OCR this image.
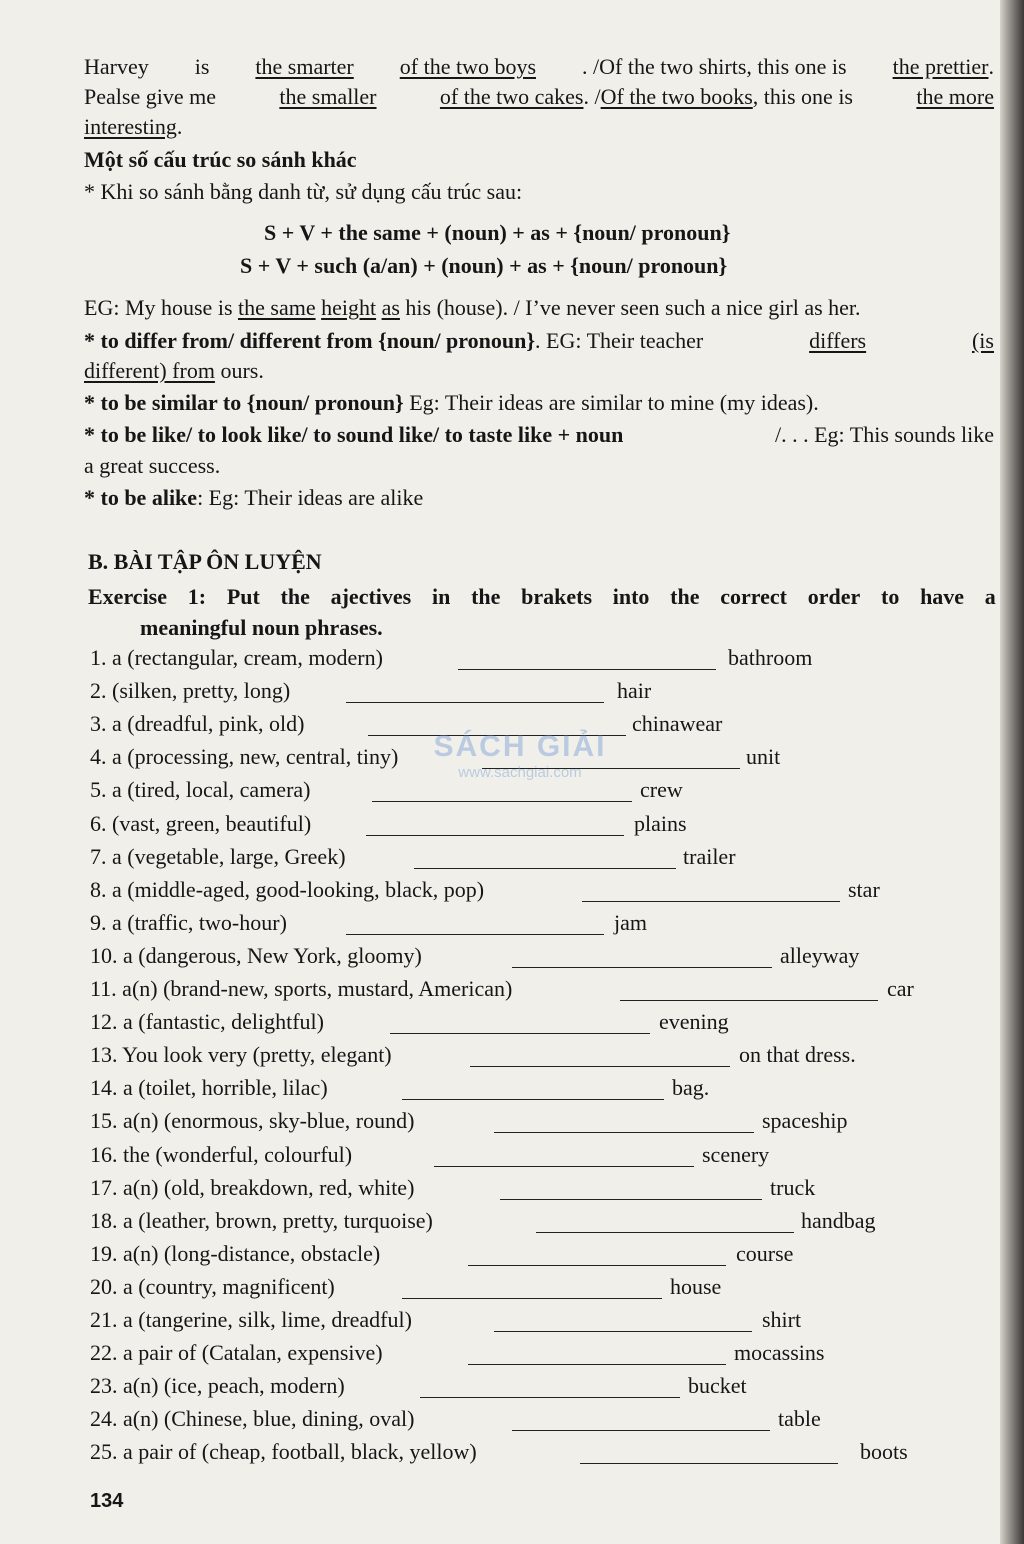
Harvey is the smarter of the two boys . /Of the two shirts, this one is the prettier.
Pealse give me	the smaller	of the two cakes. /Of the two books, this one is	the more
interesting.
Một số cấu trúc so sánh khác
* Khi so sánh bằng danh từ, sử dụng cấu trúc sau:
S + V + the same + (noun) + as + {noun/ pronoun}
S + V + such (a/an) + (noun) + as + {noun/ pronoun}
EG: My house is the same height as his (house). / I’ve never seen such a nice girl as her.
* to differ from/ different from {noun/ pronoun}. EG: Their teacher	differs	(is
different) from ours.
* to be similar to {noun/ pronoun} Eg: Their ideas are similar to mine (my ideas).
* to be like/ to look like/ to sound like/ to taste like + noun	/. . . Eg: This sounds like
a great success.
* to be alike: Eg: Their ideas are alike
B. BÀI TẬP ÔN LUYỆN
Exercise 1: Put the ajectives in the brakets into the correct order to have a
meaningful noun phrases.
1. a (rectangular, cream, modern)	bathroom
2. (silken, pretty, long)	hair
3. a (dreadful, pink, old)	chinawear
4. a (processing, new, central, tiny)	unit
5. a (tired, local, camera)	crew
6. (vast, green, beautiful)	plains
7. a (vegetable, large, Greek)	trailer
8. a (middle-aged, good-looking, black, pop)	star
9. a (traffic, two-hour)	jam
10. a (dangerous, New York, gloomy)	alleyway
11. a(n) (brand-new, sports, mustard, American)	car
12. a (fantastic, delightful)	evening
13. You look very (pretty, elegant)	on that dress.
14. a (toilet, horrible, lilac)	bag.
15. a(n) (enormous, sky-blue, round)	spaceship
16. the (wonderful, colourful)	scenery
17. a(n) (old, breakdown, red, white)	truck
18. a (leather, brown, pretty, turquoise)	handbag
19. a(n) (long-distance, obstacle)	course
20. a (country, magnificent)	house
21. a (tangerine, silk, lime, dreadful)	shirt
22. a pair of (Catalan, expensive)	mocassins
23. a(n) (ice, peach, modern)	bucket
24. a(n) (Chinese, blue, dining, oval)	table
25. a pair of (cheap, football, black, yellow)	boots
SÁCH GIẢI
www.sachgiai.com
134
